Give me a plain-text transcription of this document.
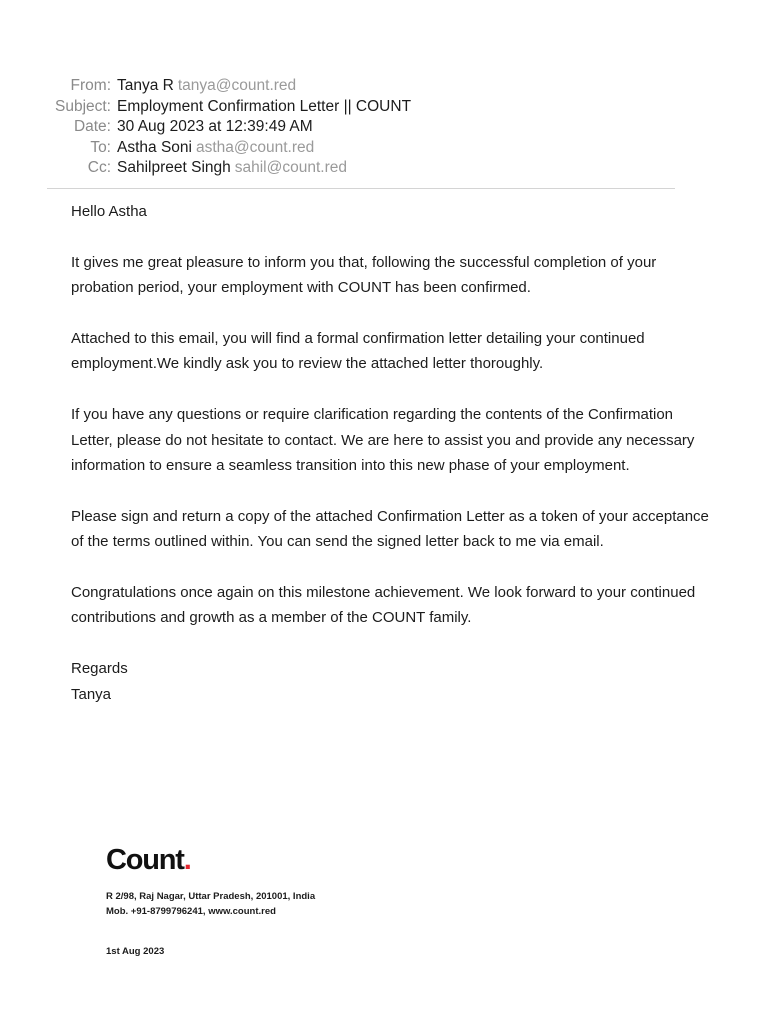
From: Tanya R tanya@count.red
Subject: Employment Confirmation Letter || COUNT
Date: 30 Aug 2023 at 12:39:49 AM
To: Astha Soni astha@count.red
Cc: Sahilpreet Singh sahil@count.red

Hello Astha

It gives me great pleasure to inform you that, following the successful completion of your probation period, your employment with COUNT has been confirmed.

Attached to this email, you will find a formal confirmation letter detailing your continued employment.We kindly ask you to review the attached letter thoroughly.

If you have any questions or require clarification regarding the contents of the Confirmation Letter, please do not hesitate to contact. We are here to assist you and provide any necessary information to ensure a seamless transition into this new phase of your employment.

Please sign and return a copy of the attached Confirmation Letter as a token of your acceptance of the terms outlined within. You can send the signed letter back to me via email.

Congratulations once again on this milestone achievement. We look forward to your continued contributions and growth as a member of the COUNT family.

Regards

Tanya

Count.
R 2/98, Raj Nagar, Uttar Pradesh, 201001, India
Mob. +91-8799796241, www.count.red
1st Aug 2023
